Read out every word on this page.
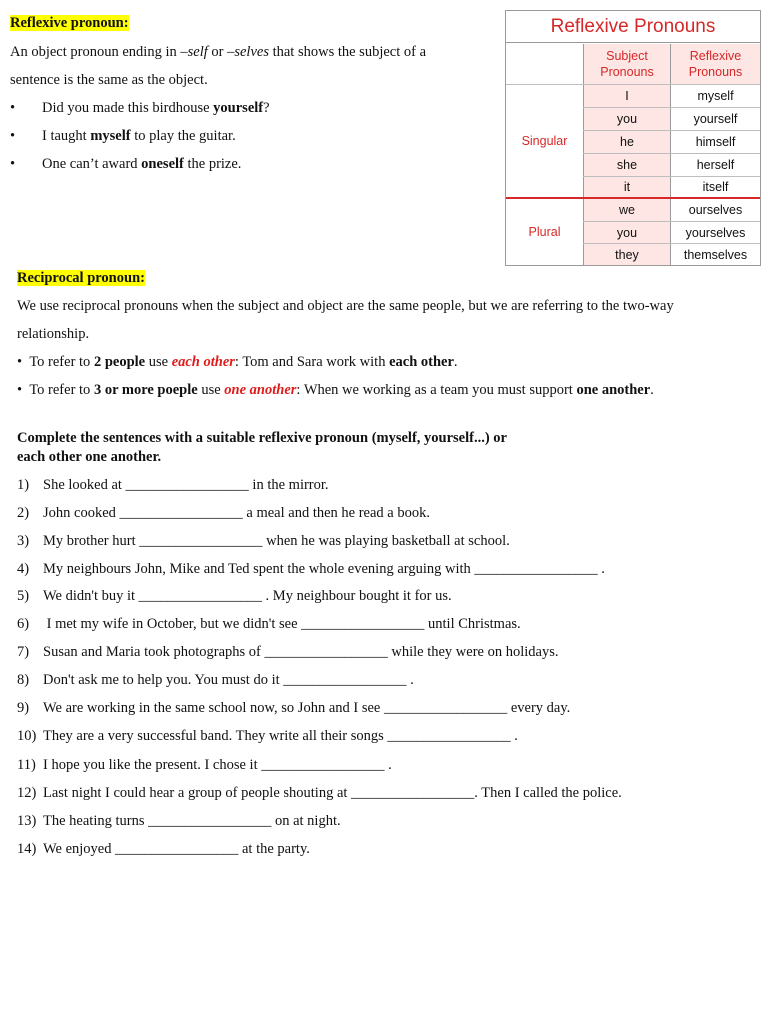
Reflexive pronoun:
An object pronoun ending in –self or –selves that shows the subject of a
sentence is the same as the object.
• Did you made this birdhouse yourself?
• I taught myself to play the guitar.
• One can’t award oneself the prize.
Reflexive Pronouns
Subject Pronouns
Reflexive Pronouns
Singular
Plural
I	myself
you	yourself
he	himself
she	herself
it	itself
we	ourselves
you	yourselves
they	themselves
Reciprocal pronoun:
We use reciprocal pronouns when the subject and object are the same people, but we are referring to the two-way
relationship.
• To refer to 2 people use each other: Tom and Sara work with each other.
• To refer to 3 or more poeple use one another: When we working as a team you must support one another.
Complete the sentences with a suitable reflexive pronoun (myself, yourself...) or
each other one another.
1) She looked at _________________ in the mirror.
2) John cooked _________________ a meal and then he read a book.
3) My brother hurt _________________ when he was playing basketball at school.
4) My neighbours John, Mike and Ted spent the whole evening arguing with _________________ .
5) We didn't buy it _________________ . My neighbour bought it for us.
6) I met my wife in October, but we didn't see _________________ until Christmas.
7) Susan and Maria took photographs of _________________ while they were on holidays.
8) Don't ask me to help you. You must do it _________________ .
9) We are working in the same school now, so John and I see _________________ every day.
10) They are a very successful band. They write all their songs _________________ .
11) I hope you like the present. I chose it _________________ .
12) Last night I could hear a group of people shouting at _________________. Then I called the police.
13) The heating turns _________________ on at night.
14) We enjoyed _________________ at the party.
